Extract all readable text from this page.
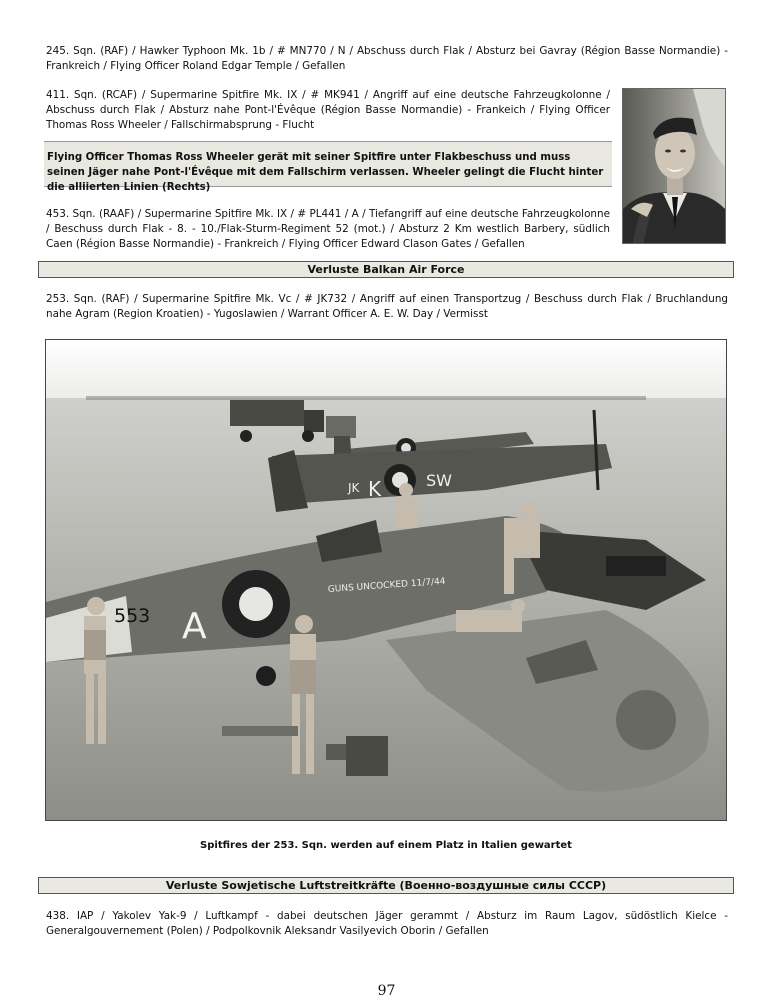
245. Sqn. (RAF) / Hawker Typhoon Mk. 1b / # MN770 / N / Abschuss durch Flak / Absturz bei Gavray (Région Basse Normandie) - Frankreich / Flying Officer Roland Edgar Temple / Gefallen
411. Sqn. (RCAF) / Supermarine Spitfire Mk. IX / # MK941 / Angriff auf eine deutsche Fahrzeugkolonne / Abschuss durch Flak / Absturz nahe Pont-l'Évêque (Région Basse Normandie) - Frankeich / Flying Officer Thomas Ross Wheeler / Fallschirmabsprung - Flucht
Flying Officer Thomas Ross Wheeler gerät mit seiner Spitfire unter Flakbeschuss und muss seinen Jäger nahe Pont-l'Évêque mit dem Fallschirm verlassen. Wheeler gelingt die Flucht hinter die alliierten Linien (Rechts)
453. Sqn. (RAAF) / Supermarine Spitfire Mk. IX / # PL441 / A / Tiefangriff auf eine deutsche Fahrzeugkolonne / Beschuss durch Flak - 8. - 10./Flak-Sturm-Regiment 52 (mot.) / Absturz 2 Km westlich Barbery, südlich Caen (Région Basse Normandie) - Frankreich / Flying Officer Edward Clason Gates / Gefallen
Verluste Balkan Air Force
253. Sqn. (RAF) / Supermarine Spitfire Mk. Vc / # JK732 / Angriff auf einen Transportzug / Beschuss durch Flak / Bruchlandung nahe Agram (Region Kroatien) - Yugoslawien / Warrant Officer A. E. W. Day / Vermisst
JK K	SW
553 A
GUNS UNCOCKED 11/7/44
Spitfires der 253. Sqn. werden auf einem Platz in Italien gewartet
Verluste Sowjetische Luftstreitkräfte (Военно-воздушные силы СССР)
438. IAP / Yakolev Yak-9 / Luftkampf - dabei deutschen Jäger gerammt / Absturz im Raum Lagov, südöstlich Kielce - Generalgouvernement (Polen) / Podpolkovnik Aleksandr Vasilyevich Oborin / Gefallen
97
